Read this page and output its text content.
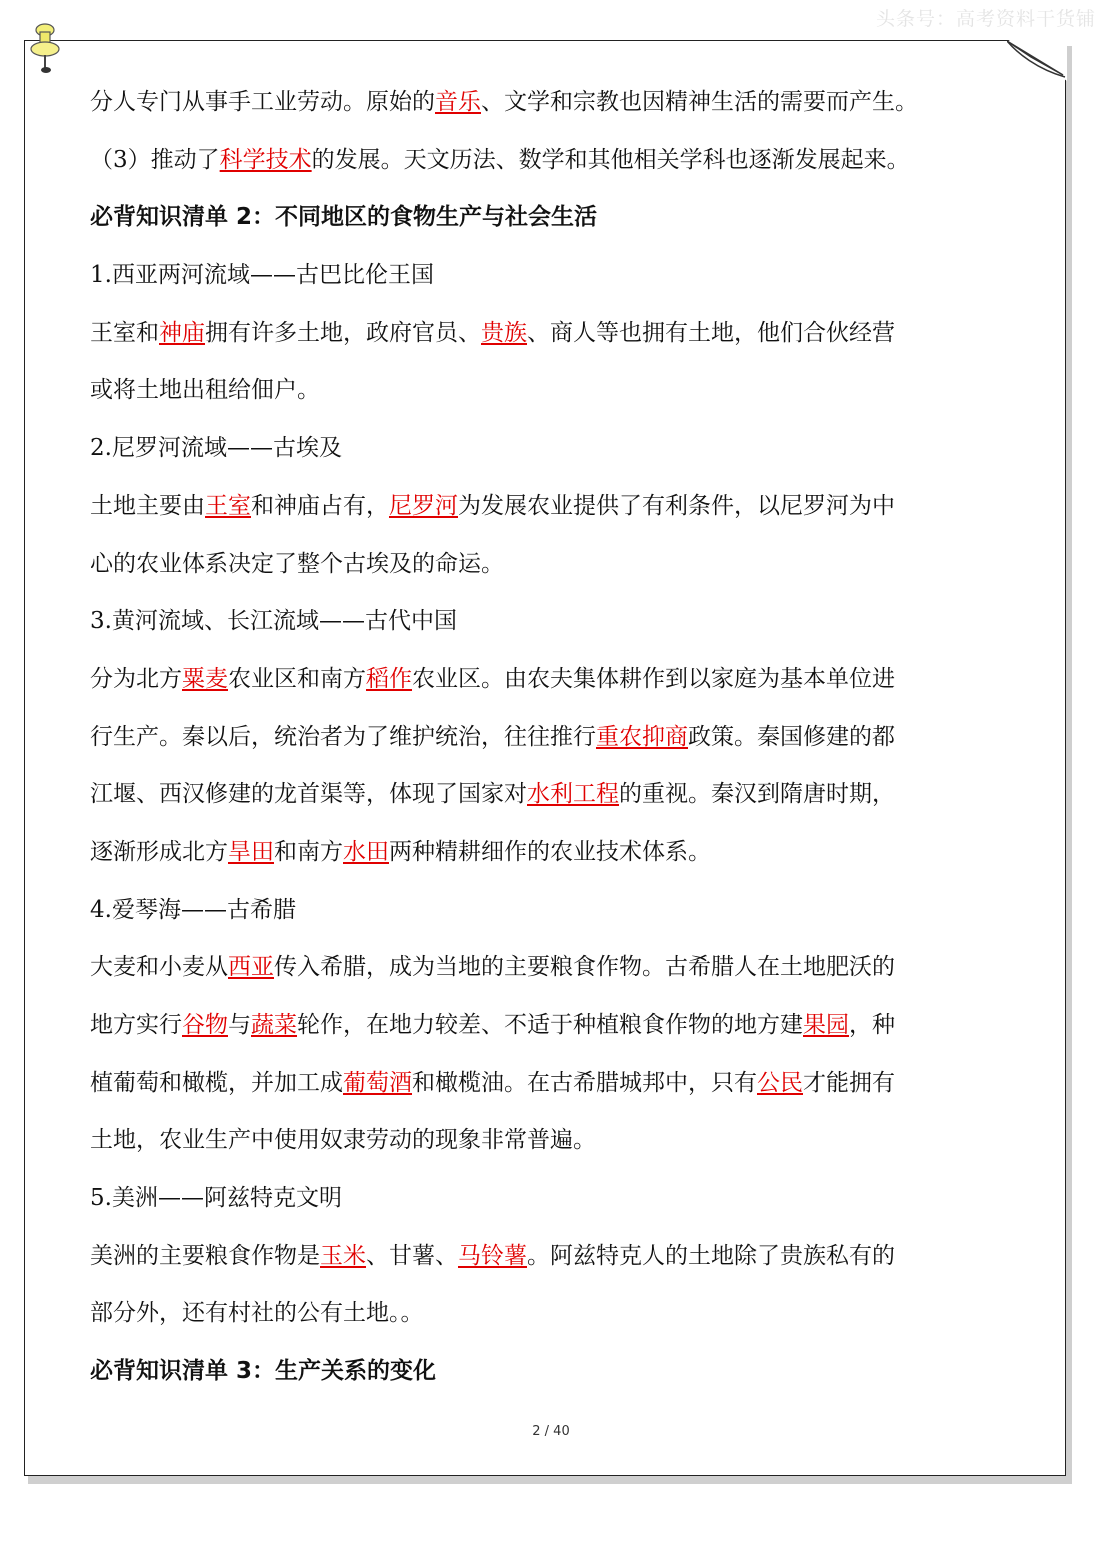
头条号：高考资料干货铺
分人专门从事手工业劳动。原始的音乐、文学和宗教也因精神生活的需要而产生。
（3）推动了科学技术的发展。天文历法、数学和其他相关学科也逐渐发展起来。
必背知识清单 2：不同地区的食物生产与社会生活
1.西亚两河流域——古巴比伦王国
王室和神庙拥有许多土地，政府官员、贵族、商人等也拥有土地，他们合伙经营
或将土地出租给佃户。
2.尼罗河流域——古埃及
土地主要由王室和神庙占有，尼罗河为发展农业提供了有利条件，以尼罗河为中
心的农业体系决定了整个古埃及的命运。
3.黄河流域、长江流域——古代中国
分为北方粟麦农业区和南方稻作农业区。由农夫集体耕作到以家庭为基本单位进
行生产。秦以后，统治者为了维护统治，往往推行重农抑商政策。秦国修建的都
江堰、西汉修建的龙首渠等，体现了国家对水利工程的重视。秦汉到隋唐时期，
逐渐形成北方旱田和南方水田两种精耕细作的农业技术体系。
4.爱琴海——古希腊
大麦和小麦从西亚传入希腊，成为当地的主要粮食作物。古希腊人在土地肥沃的
地方实行谷物与蔬菜轮作，在地力较差、不适于种植粮食作物的地方建果园，种
植葡萄和橄榄，并加工成葡萄酒和橄榄油。在古希腊城邦中，只有公民才能拥有
土地，农业生产中使用奴隶劳动的现象非常普遍。
5.美洲——阿兹特克文明
美洲的主要粮食作物是玉米、甘薯、马铃薯。阿兹特克人的土地除了贵族私有的
部分外，还有村社的公有土地。。
必背知识清单 3：生产关系的变化
2 / 40
